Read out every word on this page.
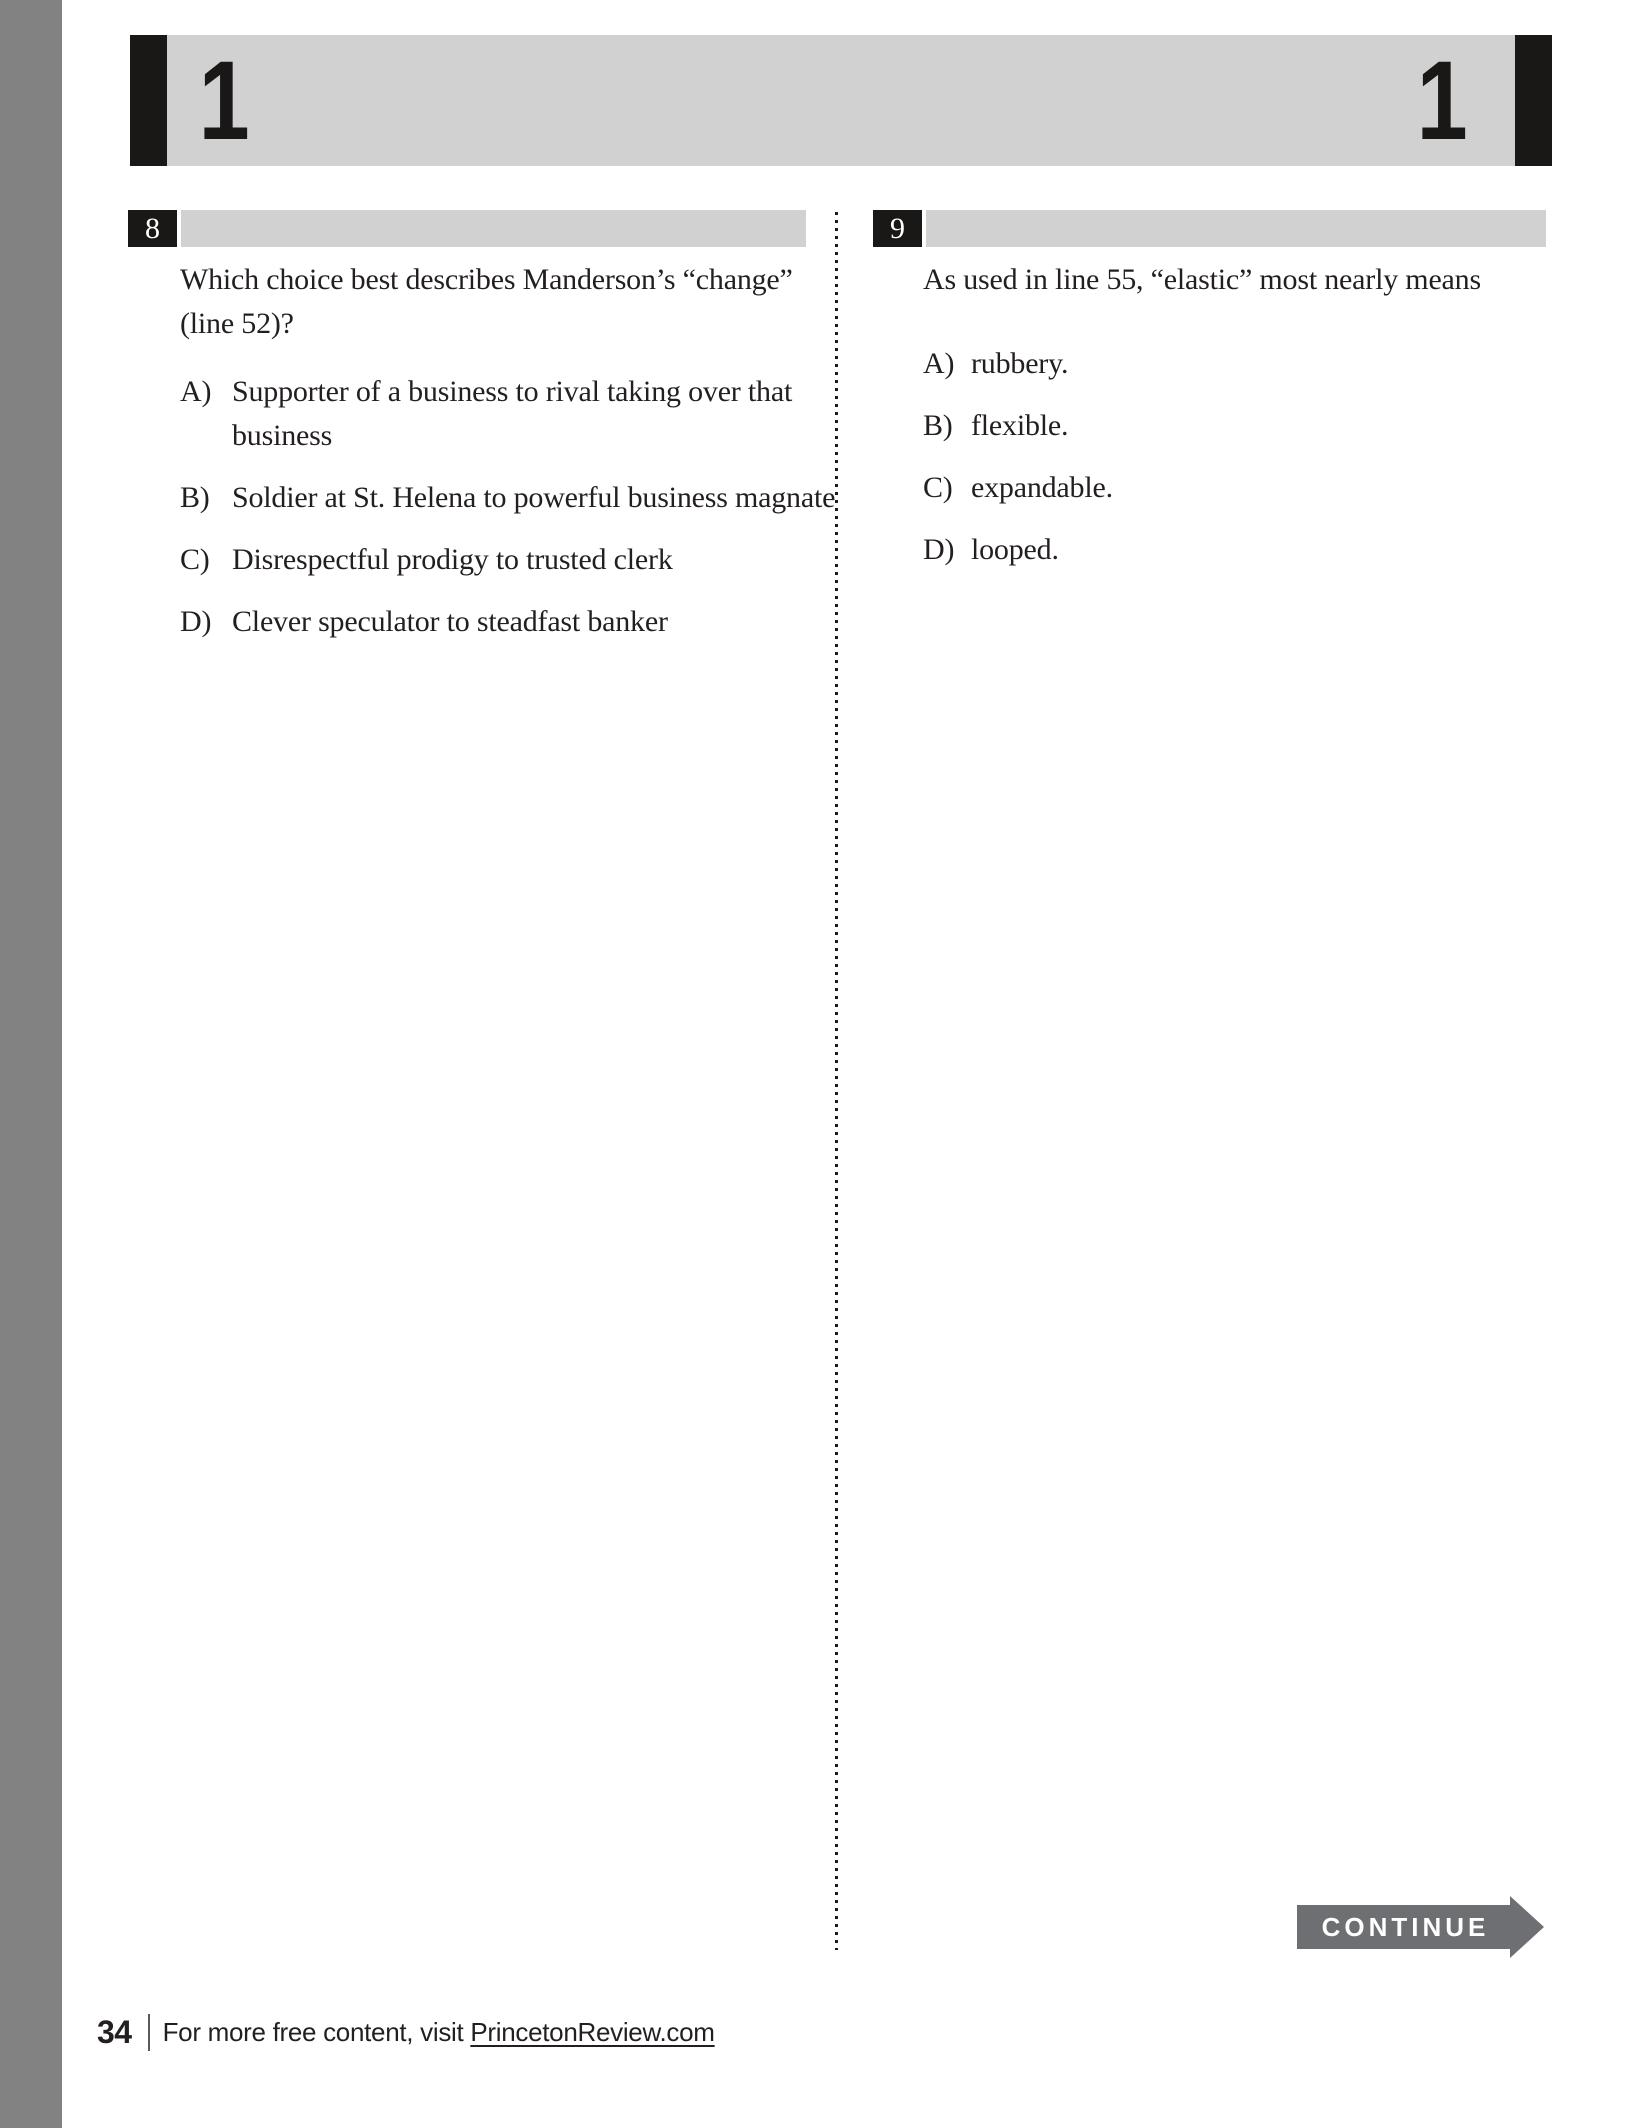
1	1
8	9

Which choice best describes Manderson’s “change” (line 52)?

A) Supporter of a business to rival taking over that business
B) Soldier at St. Helena to powerful business magnate
C) Disrespectful prodigy to trusted clerk
D) Clever speculator to steadfast banker

As used in line 55, “elastic” most nearly means

A) rubbery.
B) flexible.
C) expandable.
D) looped.
CONTINUE
34 For more free content, visit PrincetonReview.com
